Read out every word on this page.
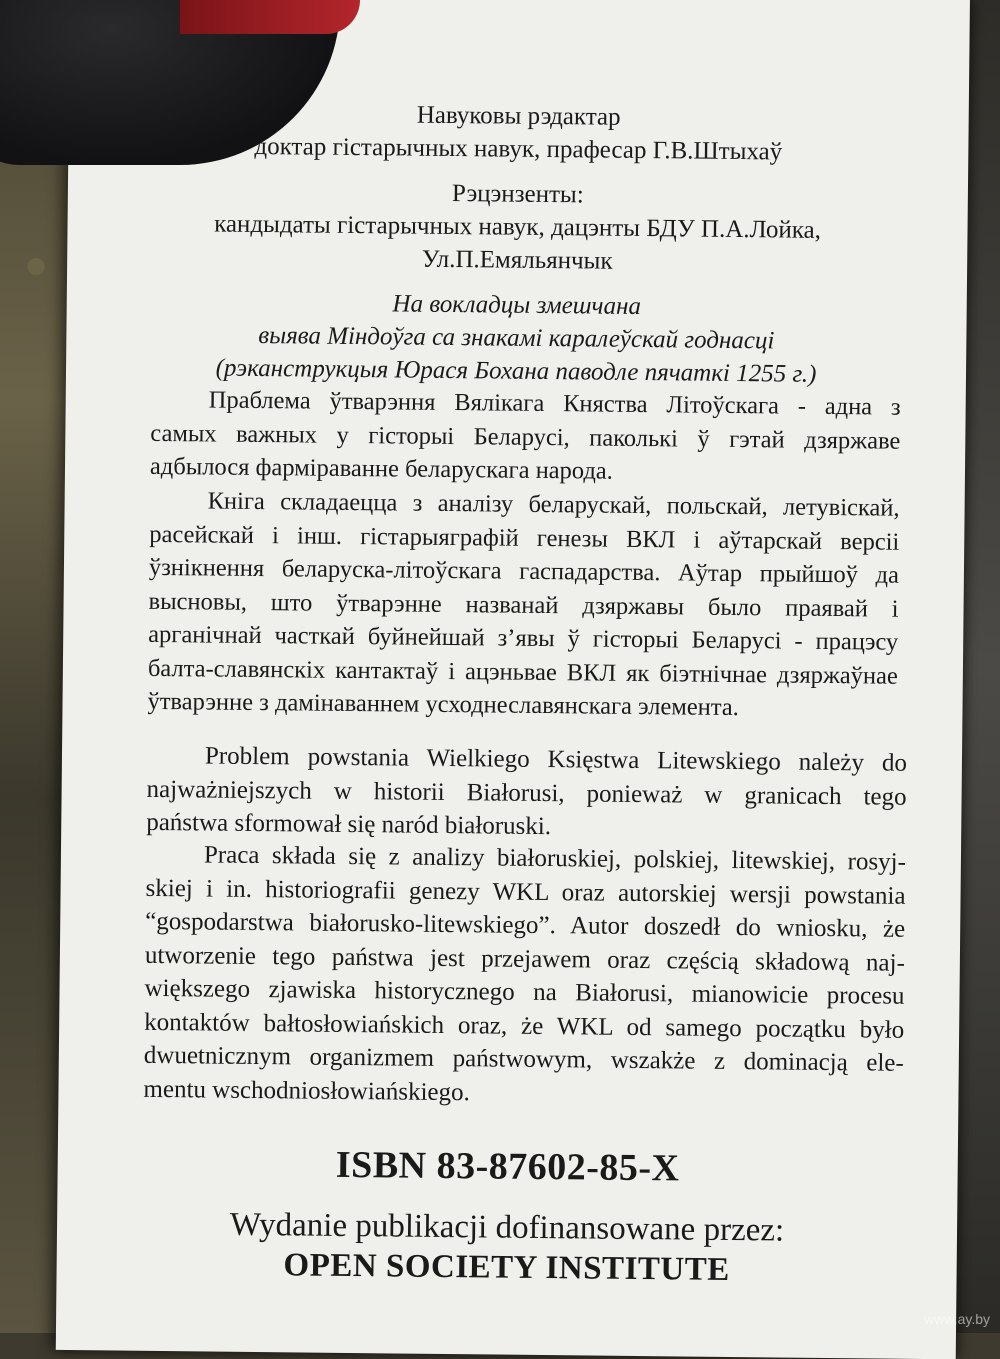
Навуковы рэдактар
доктар гістарычных навук, прафесар Г.В.Штыхаў
Рэцэнзенты:
кандыдаты гістарычных навук, дацэнты БДУ П.А.Лойка,
Ул.П.Емяльянчык
На вокладцы змешчана
выява Міндоўга са знакамі каралеўскай годнасці
(рэканструкцыя Юрася Бохана паводле пячаткі 1255 г.)
Праблема ўтварэння Вялікага Княства Літоўскага - адна з
самых важных у гісторыі Беларусі, паколькі ў гэтай дзяржаве
адбылося фарміраванне беларускага народа.
Кніга складаецца з аналізу беларускай, польскай, летувіскай,
расейскай і інш. гістарыяграфій генезы ВКЛ і аўтарскай версіі
ўзнікнення беларуска-літоўскага гаспадарства. Аўтар прыйшоў да
высновы, што ўтварэнне названай дзяржавы было праявай і
арганічнай часткай буйнейшай з’явы ў гісторыі Беларусі - працэсу
балта-славянскіх кантактаў і ацэньвае ВКЛ як біэтнічнае дзяржаўнае
ўтварэнне з дамінаваннем усходнеславянскага элемента.
Problem powstania Wielkiego Księstwa Litewskiego należy do
najważniejszych w historii Białorusi, ponieważ w granicach tego
państwa sformował się naród białoruski.
Praca składa się z analizy białoruskiej, polskiej, litewskiej, rosyj-
skiej i in. historiografii genezy WKL oraz autorskiej wersji powstania
“gospodarstwa białorusko-litewskiego”. Autor doszedł do wniosku, że
utworzenie tego państwa jest przejawem oraz częścią składową naj-
większego zjawiska historycznego na Białorusi, mianowicie procesu
kontaktów bałtosłowiańskich oraz, że WKL od samego początku było
dwuetnicznym organizmem państwowym, wszakże z dominacją ele-
mentu wschodniosłowiańskiego.
ISBN 83-87602-85-X
Wydanie publikacji dofinansowane przez:
OPEN SOCIETY INSTITUTE
www.ay.by
